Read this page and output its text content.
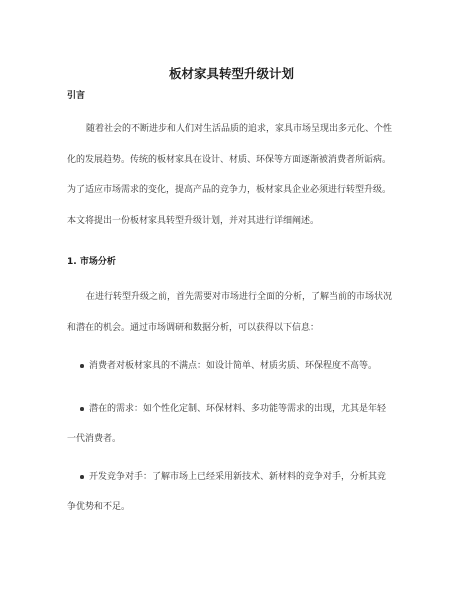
板材家具转型升级计划
引言
随着社会的不断进步和人们对生活品质的追求，家具市场呈现出多元化、个性
化的发展趋势。传统的板材家具在设计、材质、环保等方面逐渐被消费者所诟病。
为了适应市场需求的变化，提高产品的竞争力，板材家具企业必须进行转型升级。
本文将提出一份板材家具转型升级计划，并对其进行详细阐述。
1. 市场分析
在进行转型升级之前，首先需要对市场进行全面的分析，了解当前的市场状况
和潜在的机会。通过市场调研和数据分析，可以获得以下信息：
消费者对板材家具的不满点：如设计简单、材质劣质、环保程度不高等。
潜在的需求：如个性化定制、环保材料、多功能等需求的出现，尤其是年轻
一代消费者。
开发竞争对手：了解市场上已经采用新技术、新材料的竞争对手，分析其竞
争优势和不足。
